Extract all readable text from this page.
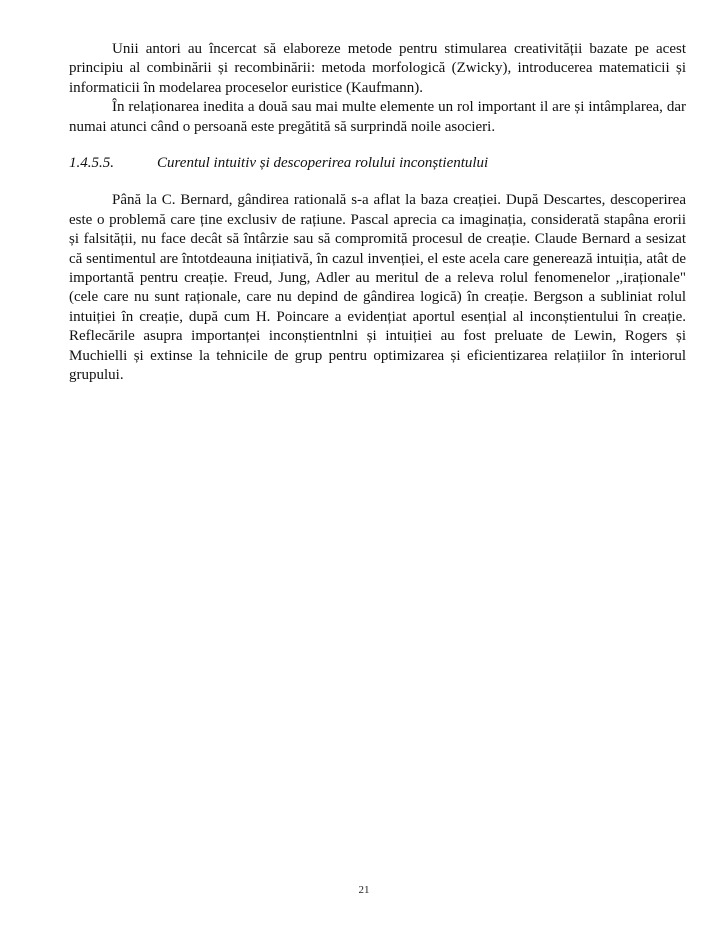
Unii antori au încercat să elaboreze metode pentru stimularea creativității bazate pe acest principiu al combinării și recombinării: metoda morfologică (Zwicky), introducerea matematicii și informaticii în modelarea proceselor euristice (Kaufmann).

În relaționarea inedita a două sau mai multe elemente un rol important il are și intâmplarea, dar numai atunci când o persoană este pregătită să surprindă noile asocieri.

1.4.5.5.	Curentul intuitiv și descoperirea rolului inconștientului

Până la C. Bernard, gândirea ratională s-a aflat la baza creației. După Descartes, descoperirea este o problemă care ține exclusiv de rațiune. Pascal aprecia ca imaginația, considerată stapâna erorii și falsității, nu face decât să întârzie sau să compromită procesul de creație. Claude Bernard a sesizat că sentimentul are întotdeauna inițiativă, în cazul invenției, el este acela care generează intuiția, atât de importantă pentru creație. Freud, Jung, Adler au meritul de a releva rolul fenomenelor ,,iraționale" (cele care nu sunt raționale, care nu depind de gândirea logică) în creație. Bergson a subliniat rolul intuiției în creație, după cum H. Poincare a evidențiat aportul esențial al inconștientului în creație. Reflecările asupra importanței inconștientnlni și intuiției au fost preluate de Lewin, Rogers și Muchielli și extinse la tehnicile de grup pentru optimizarea și eficientizarea relațiilor în interiorul grupului.

21
